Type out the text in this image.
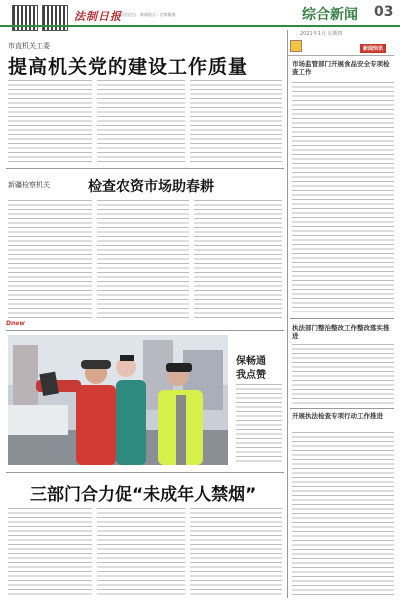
法制日报
法治论坛 · 新闻视点 · 法律服务	综合新闻 03
2021年1月 星期四
新闻快讯
市直机关工委
提高机关党的建设工作质量
新疆检察机关	检查农资市场助春耕
Dnew
保畅通
我点赞
三部门合力促“未成年人禁烟”
市场监管部门开展食品安全专项检查工作
执法部门整治整改工作整改落实推进
开展执法检查专项行动工作推进
